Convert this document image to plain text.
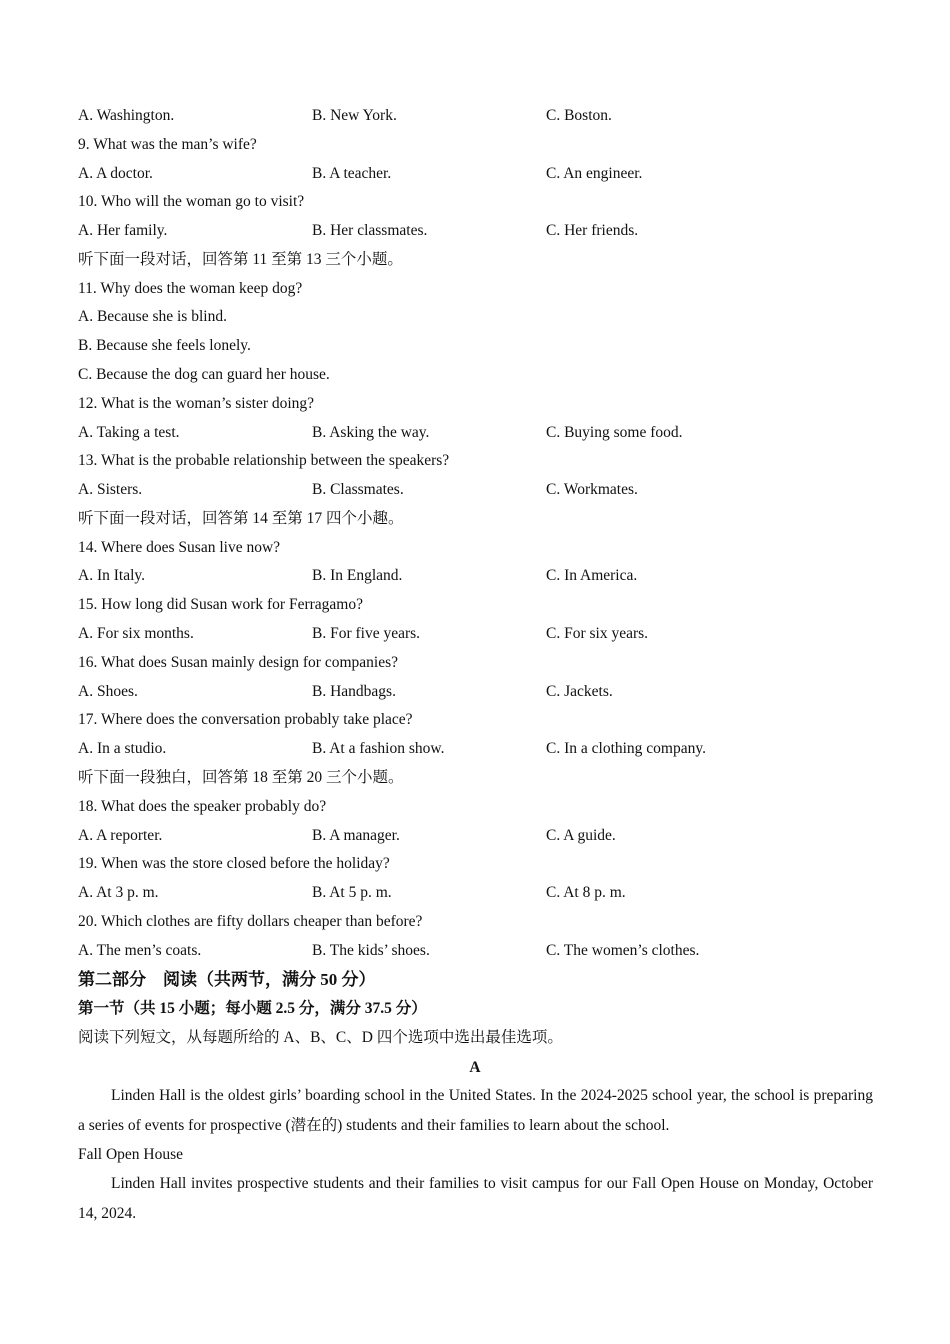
A. Washington.	B. New York.	C. Boston.
9. What was the man’s wife?
A. A doctor.	B. A teacher.	C. An engineer.
10. Who will the woman go to visit?
A. Her family.	B. Her classmates.	C. Her friends.
听下面一段对话，回答第 11 至第 13 三个小题。
11. Why does the woman keep dog?
A. Because she is blind.
B. Because she feels lonely.
C. Because the dog can guard her house.
12. What is the woman’s sister doing?
A. Taking a test.	B. Asking the way.	C. Buying some food.
13. What is the probable relationship between the speakers?
A. Sisters.	B. Classmates.	C. Workmates.
听下面一段对话，回答第 14 至第 17 四个小趣。
14. Where does Susan live now?
A. In Italy.	B. In England.	C. In America.
15. How long did Susan work for Ferragamo?
A. For six months.	B. For five years.	C. For six years.
16. What does Susan mainly design for companies?
A. Shoes.	B. Handbags.	C. Jackets.
17. Where does the conversation probably take place?
A. In a studio.	B. At a fashion show.	C. In a clothing company.
听下面一段独白，回答第 18 至第 20 三个小题。
18. What does the speaker probably do?
A. A reporter.	B. A manager.	C. A guide.
19. When was the store closed before the holiday?
A. At 3 p. m.	B. At 5 p. m.	C. At 8 p. m.
20. Which clothes are fifty dollars cheaper than before?
A. The men’s coats.	B. The kids’ shoes.	C. The women’s clothes.
第二部分　阅读（共两节，满分 50 分）
第一节（共 15 小题；每小题 2.5 分，满分 37.5 分）
阅读下列短文，从每题所给的 A、B、C、D 四个选项中选出最佳选项。
A
Linden Hall is the oldest girls’ boarding school in the United States. In the 2024-2025 school year, the school is preparing a series of events for prospective (潜在的) students and their families to learn about the school.
Fall Open House
Linden Hall invites prospective students and their families to visit campus for our Fall Open House on Monday, October 14, 2024.
